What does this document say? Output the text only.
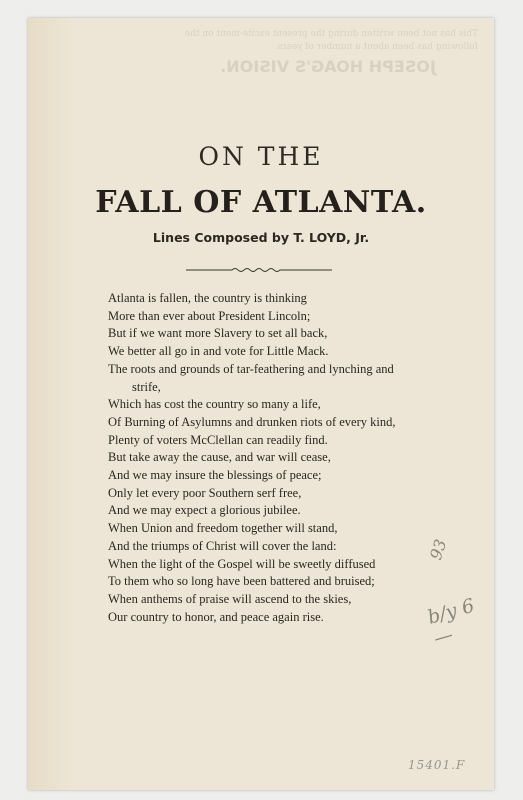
This has not been written during the present excite-ment on the following has been about a number of years.
JOSEPH HOAG'S VISION.
ON THE
FALL OF ATLANTA.
Lines Composed by T. LOYD, Jr.
Atlanta is fallen, the country is thinking
More than ever about President Lincoln;
But if we want more Slavery to set all back,
We better all go in and vote for Little Mack.
The roots and grounds of tar-feathering and lynching and
strife,
Which has cost the country so many a life,
Of Burning of Asylumns and drunken riots of every kind,
Plenty of voters McClellan can readily find.
But take away the cause, and war will cease,
And we may insure the blessings of peace;
Only let every poor Southern serf free,
And we may expect a glorious jubilee.
When Union and freedom together will stand,
And the triumps of Christ will cover the land:
When the light of the Gospel will be sweetly diffused
To them who so long have been battered and bruised;
When anthems of praise will ascend to the skies,
Our country to honor, and peace again rise.
93
b/y 6—
15401.F
